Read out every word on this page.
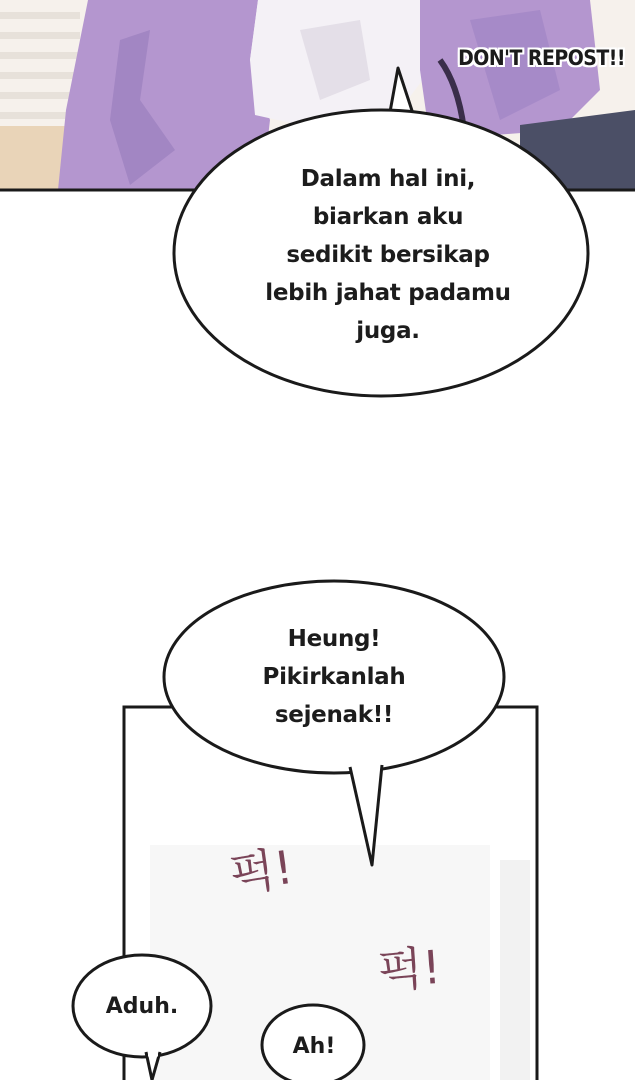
DON'T REPOST!!
Dalam hal ini,
biarkan aku
sedikit bersikap
lebih jahat padamu
juga.
Heung!
Pikirkanlah
sejenak!!
Aduh.
Ah!
퍽!
퍽!
